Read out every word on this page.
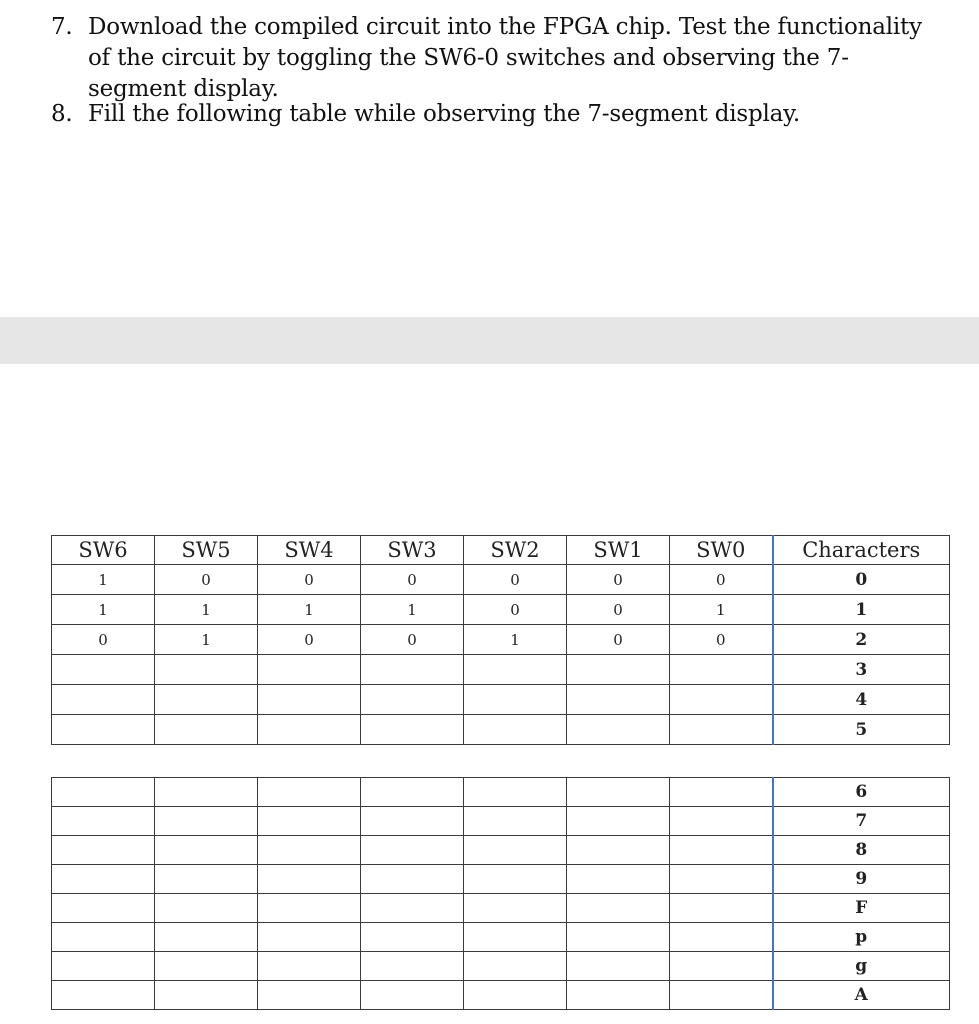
7. Download the compiled circuit into the FPGA chip. Test the functionality of the circuit by toggling the SW6-0 switches and observing the 7-segment display.
8. Fill the following table while observing the 7-segment display.
SW6	SW5	SW4	SW3	SW2	SW1	SW0	Characters
1	0	0	0	0	0	0	0
1	1	1	1	0	0	1	1
0	1	0	0	1	0	0	2
							3
							4
							5
							6
							7
							8
							9
							F
							p
							g
							A
